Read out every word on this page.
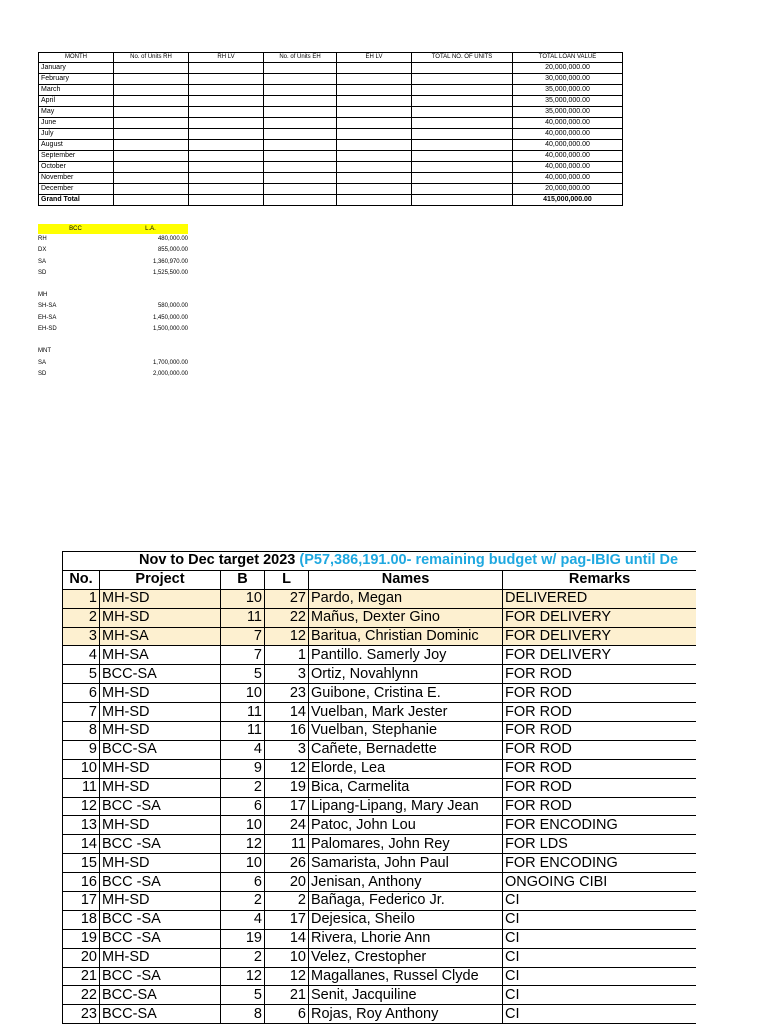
MONTH	No. of Units RH	RH LV	No. of Units EH	EH LV	TOTAL NO. OF UNITS	TOTAL LOAN VALUE
January						20,000,000.00
February						30,000,000.00
March						35,000,000.00
April						35,000,000.00
May						35,000,000.00
June						40,000,000.00
July						40,000,000.00
August						40,000,000.00
September						40,000,000.00
October						40,000,000.00
November						40,000,000.00
December						20,000,000.00
Grand Total						415,000,000.00
BCC	L.A.
RH	480,000.00
DX	855,000.00
SA	1,360,970.00
SD	1,525,500.00
MH
SH-SA	580,000.00
EH-SA	1,450,000.00
EH-SD	1,500,000.00
MNT
SA	1,700,000.00
SD	2,000,000.00
Nov to Dec target 2023 (P57,386,191.00- remaining budget w/ pag-IBIG until De					
No.	Project	B	L	Names	Remarks
1	MH-SD	10	27	Pardo, Megan	DELIVERED
2	MH-SD	11	22	Mañus, Dexter Gino	FOR DELIVERY
3	MH-SA	7	12	Baritua, Christian Dominic	FOR DELIVERY
4	MH-SA	7	1	Pantillo. Samerly Joy	FOR DELIVERY
5	BCC-SA	5	3	Ortiz, Novahlynn	FOR ROD
6	MH-SD	10	23	Guibone, Cristina E.	FOR ROD
7	MH-SD	11	14	Vuelban, Mark Jester	FOR ROD
8	MH-SD	11	16	Vuelban, Stephanie	FOR ROD
9	BCC-SA	4	3	Cañete, Bernadette	FOR ROD
10	MH-SD	9	12	Elorde, Lea	FOR ROD
11	MH-SD	2	19	Bica, Carmelita	FOR ROD
12	BCC -SA	6	17	Lipang-Lipang, Mary Jean	FOR ROD
13	MH-SD	10	24	Patoc, John Lou	FOR ENCODING
14	BCC -SA	12	11	Palomares, John Rey	FOR LDS
15	MH-SD	10	26	Samarista, John Paul	FOR ENCODING
16	BCC -SA	6	20	Jenisan, Anthony	ONGOING CIBI
17	MH-SD	2	2	Bañaga, Federico Jr.	CI
18	BCC -SA	4	17	Dejesica, Sheilo	CI
19	BCC -SA	19	14	Rivera, Lhorie Ann	CI
20	MH-SD	2	10	Velez, Crestopher	CI
21	BCC -SA	12	12	Magallanes, Russel Clyde	CI
22	BCC-SA	5	21	Senit, Jacquiline	CI
23	BCC-SA	8	6	Rojas, Roy Anthony	CI
